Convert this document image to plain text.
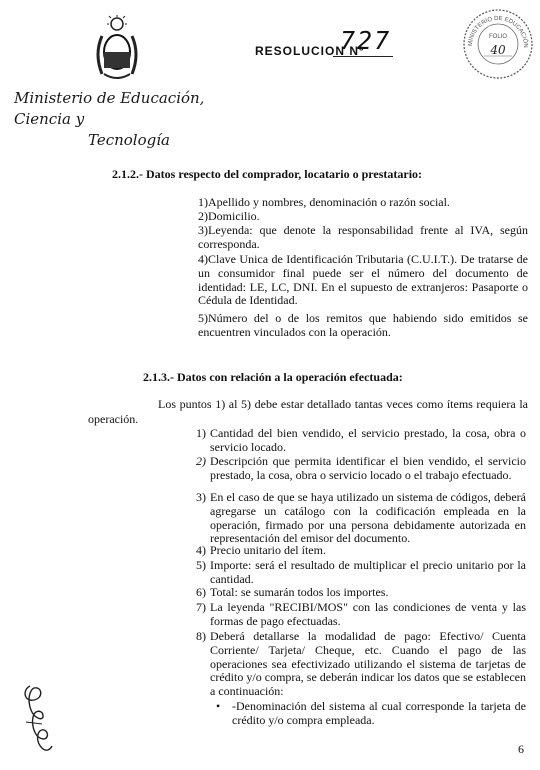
Ministerio de Educación, Ciencia y
Tecnología
RESOLUCION Nº
727	MINISTERIO DE EDUCACIÓN
FOLIO
40
2.1.2.- Datos respecto del comprador, locatario o prestatario:
1)Apellido y nombres, denominación o razón social.
2)Domicilio.
3)Leyenda: que denote la responsabilidad frente al IVA, según corresponda.
4)Clave Unica de Identificación Tributaria (C.U.I.T.). De tratarse de un consumidor final puede ser el número del documento de identidad: LE, LC, DNI. En el supuesto de extranjeros: Pasaporte o Cédula de Identidad.
5)Número del o de los remitos que habiendo sido emitidos se encuentren vinculados con la operación.
2.1.3.- Datos con relación a la operación efectuada:
Los puntos 1) al 5) debe estar detallado tantas veces como ítems requiera la operación.
1) Cantidad del bien vendido, el servicio prestado, la cosa, obra o servicio locado.
2) Descripción que permita identificar el bien vendido, el servicio prestado, la cosa, obra o servicio locado o el trabajo efectuado.
3) En el caso de que se haya utilizado un sistema de códigos, deberá agregarse un catálogo con la codificación empleada en la operación, firmado por una persona debidamente autorizada en representación del emisor del documento.
4) Precio unitario del ítem.
5) Importe: será el resultado de multiplicar el precio unitario por la cantidad.
6) Total: se sumarán todos los importes.
7) La leyenda "RECIBI/MOS" con las condiciones de venta y las formas de pago efectuadas.
8) Deberá detallarse la modalidad de pago: Efectivo/ Cuenta Corriente/ Tarjeta/ Cheque, etc. Cuando el pago de las operaciones sea efectivizado utilizando el sistema de tarjetas de crédito y/o compra, se deberán indicar los datos que se establecen a continuación:
• -Denominación del sistema al cual corresponde la tarjeta de crédito y/o compra empleada.
6
